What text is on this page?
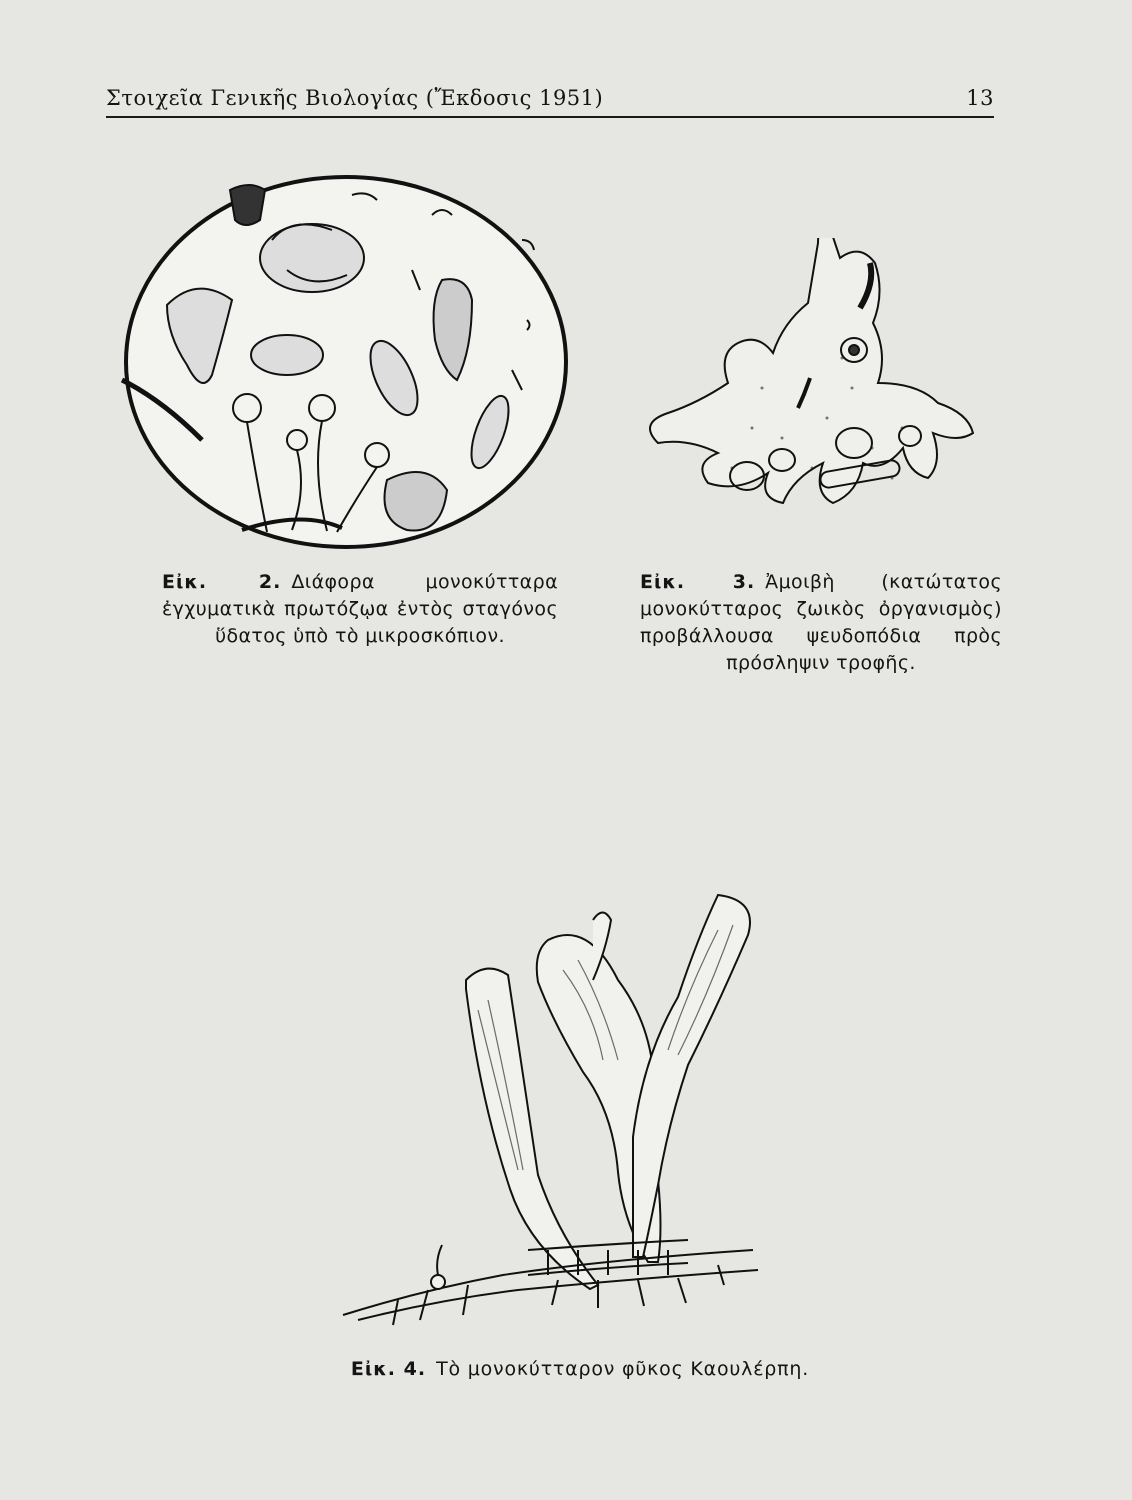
Στοιχεῖα Γενικῆς Βιολογίας (Ἔκδοσις 1951)	13
Εἰκ. 2. Διάφορα μονοκύτταρα ἐγχυματικὰ πρωτόζῳα ἐντὸς σταγόνος ὕδατος ὑπὸ τὸ μικροσκόπιον.
Εἰκ. 3. Ἀμοιβὴ (κατώτατος μονοκύτταρος ζωικὸς ὀργανισμὸς) προβάλλουσα ψευδοπόδια πρὸς πρόσληψιν τροφῆς.
Εἰκ. 4. Τὸ μονοκύτταρον φῦκος Καουλέρπη.
